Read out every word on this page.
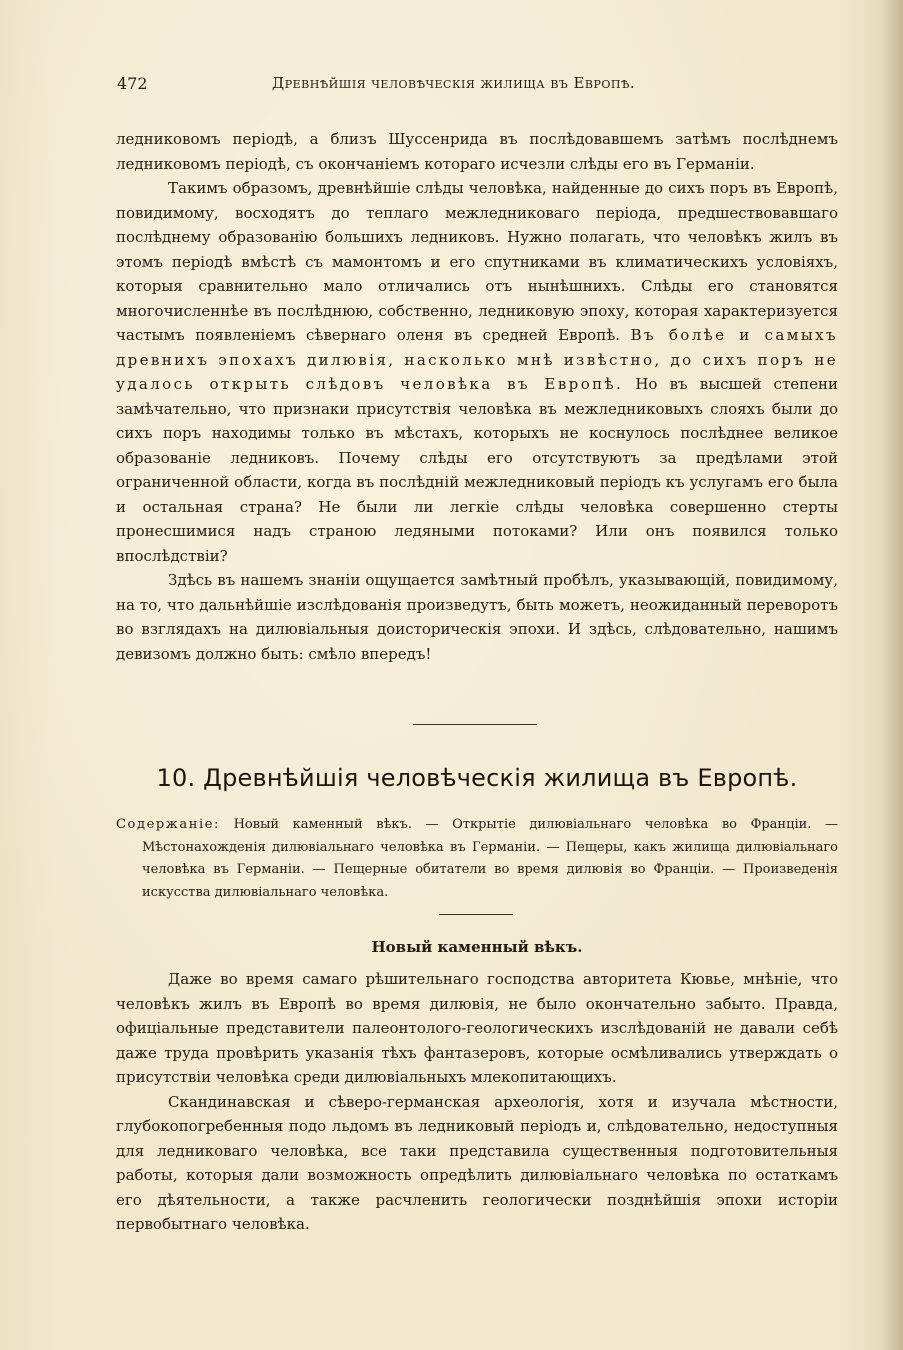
472	Древнѣйшія человѣческія жилища въ Европѣ.

ледниковомъ періодѣ, а близъ Шуссенрида въ послѣдовавшемъ затѣмъ послѣднемъ ледниковомъ періодѣ, съ окончаніемъ котораго исчезли слѣды его въ Германіи.

Такимъ образомъ, древнѣйшіе слѣды человѣка, найденные до сихъ поръ въ Европѣ, повидимому, восходятъ до теплаго межледниковаго періода, предшествовавшаго послѣднему образованію большихъ ледниковъ. Нужно полагать, что человѣкъ жилъ въ этомъ періодѣ вмѣстѣ съ мамонтомъ и его спутниками въ климатическихъ условіяхъ, которыя сравнительно мало отличались отъ нынѣшнихъ. Слѣды его становятся многочисленнѣе въ послѣднюю, собственно, ледниковую эпоху, которая характеризуется частымъ появленіемъ сѣвернаго оленя въ средней Европѣ. Въ болѣе и самыхъ древнихъ эпохахъ дилювія, насколько мнѣ извѣстно, до сихъ поръ не удалось открыть слѣдовъ человѣка въ Европѣ. Но въ высшей степени замѣчательно, что признаки присутствія человѣка въ межледниковыхъ слояхъ были до сихъ поръ находимы только въ мѣстахъ, которыхъ не коснулось послѣднее великое образованіе ледниковъ. Почему слѣды его отсутствуютъ за предѣлами этой ограниченной области, когда въ послѣдній межледниковый періодъ къ услугамъ его была и остальная страна? Не были ли легкіе слѣды человѣка совершенно стерты пронесшимися надъ страною ледяными потоками? Или онъ появился только впослѣдствіи?

Здѣсь въ нашемъ знаніи ощущается замѣтный пробѣлъ, указывающій, повидимому, на то, что дальнѣйшіе изслѣдованія произведутъ, быть можетъ, неожиданный переворотъ во взглядахъ на дилювіальныя доисторическія эпохи. И здѣсь, слѣдовательно, нашимъ девизомъ должно быть: смѣло впередъ!

10. Древнѣйшія человѣческія жилища въ Европѣ.

Содержаніе: Новый каменный вѣкъ. — Открытіе дилювіальнаго человѣка во Франціи. — Мѣстонахожденія дилювіальнаго человѣка въ Германіи. — Пещеры, какъ жилища дилювіальнаго человѣка въ Германіи. — Пещерные обитатели во время дилювія во Франціи. — Произведенія искусства дилювіальнаго человѣка.

Новый каменный вѣкъ.

Даже во время самаго рѣшительнаго господства авторитета Кювье, мнѣніе, что человѣкъ жилъ въ Европѣ во время дилювія, не было окончательно забыто. Правда, офиціальные представители палеонтолого-геологическихъ изслѣдованій не давали себѣ даже труда провѣрить указанія тѣхъ фантазеровъ, которые осмѣливались утверждать о присутствіи человѣка среди дилювіальныхъ млекопитающихъ.

Скандинавская и сѣверо-германская археологія, хотя и изучала мѣстности, глубокопогребенныя подо льдомъ въ ледниковый періодъ и, слѣдовательно, недоступныя для ледниковаго человѣка, все таки представила существенныя подготовительныя работы, которыя дали возможность опредѣлить дилювіальнаго человѣка по остаткамъ его дѣятельности, а также расчленить геологически позднѣйшія эпохи исторіи первобытнаго человѣка.
